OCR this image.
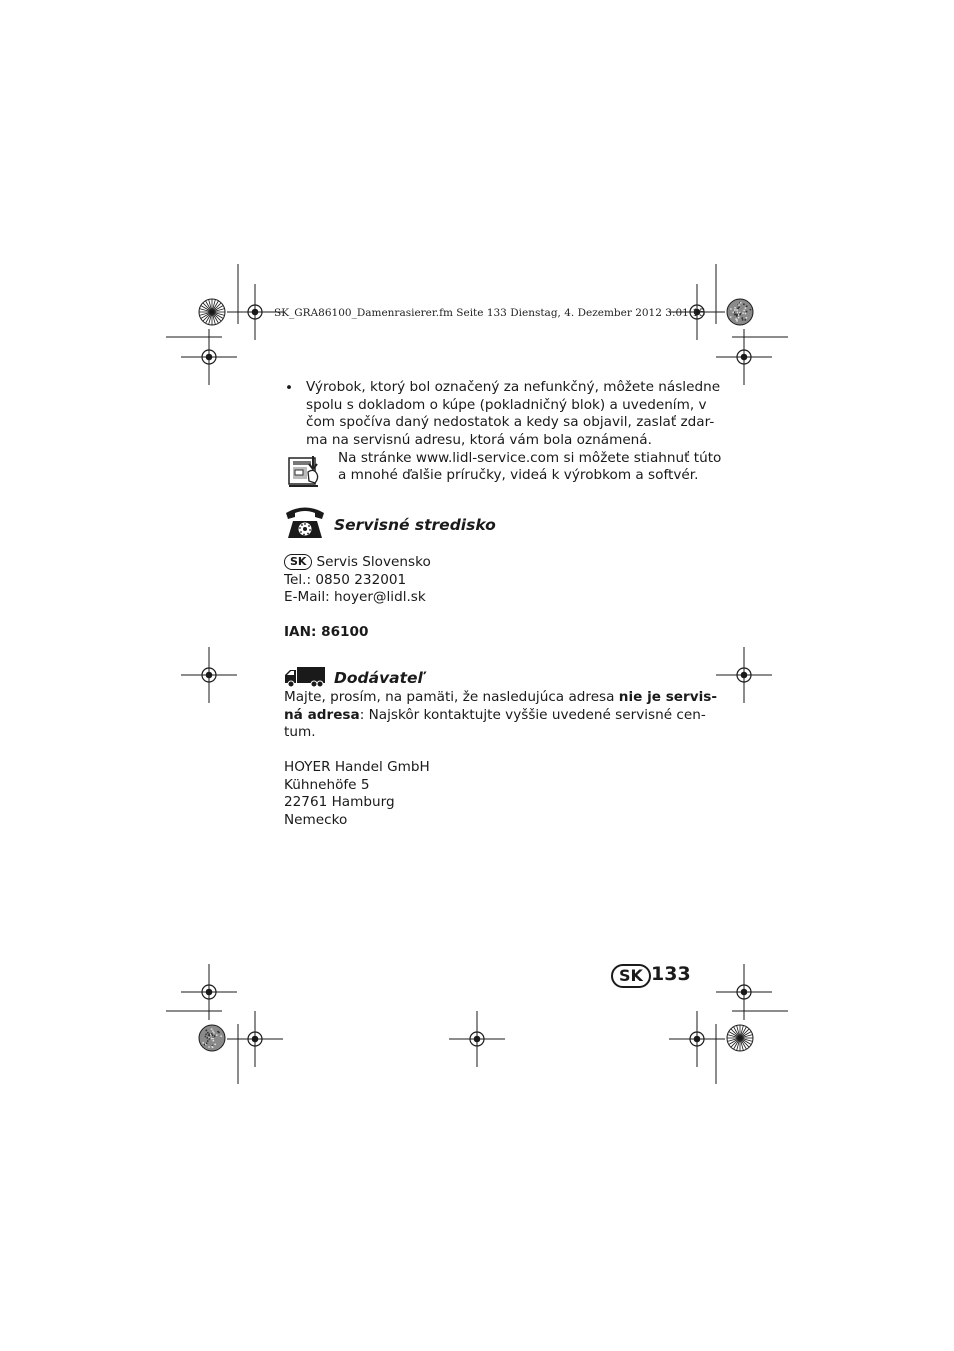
SK_GRA86100_Damenrasierer.fm Seite 133 Dienstag, 4. Dezember 2012 3:01 15
• Výrobok, ktorý bol označený za nefunkčný, môžete následne
spolu s dokladom o kúpe (pokladničný blok) a uvedením, v
čom spočíva daný nedostatok a kedy sa objavil, zaslať zdar-
ma na servisnú adresu, ktorá vám bola oznámená.
Na stránke www.lidl-service.com si môžete stiahnuť túto
a mnohé ďalšie príručky, videá k výrobkom a softvér.
Servisné stredisko
SK Servis Slovensko
Tel.: 0850 232001
E-Mail: hoyer@lidl.sk
IAN: 86100
Dodávateľ
Majte, prosím, na pamäti, že nasledujúca adresa nie je servis-
ná adresa: Najskôr kontaktujte vyššie uvedené servisné cen-
tum.
HOYER Handel GmbH
Kühnehöfe 5
22761 Hamburg
Nemecko
SK 133
